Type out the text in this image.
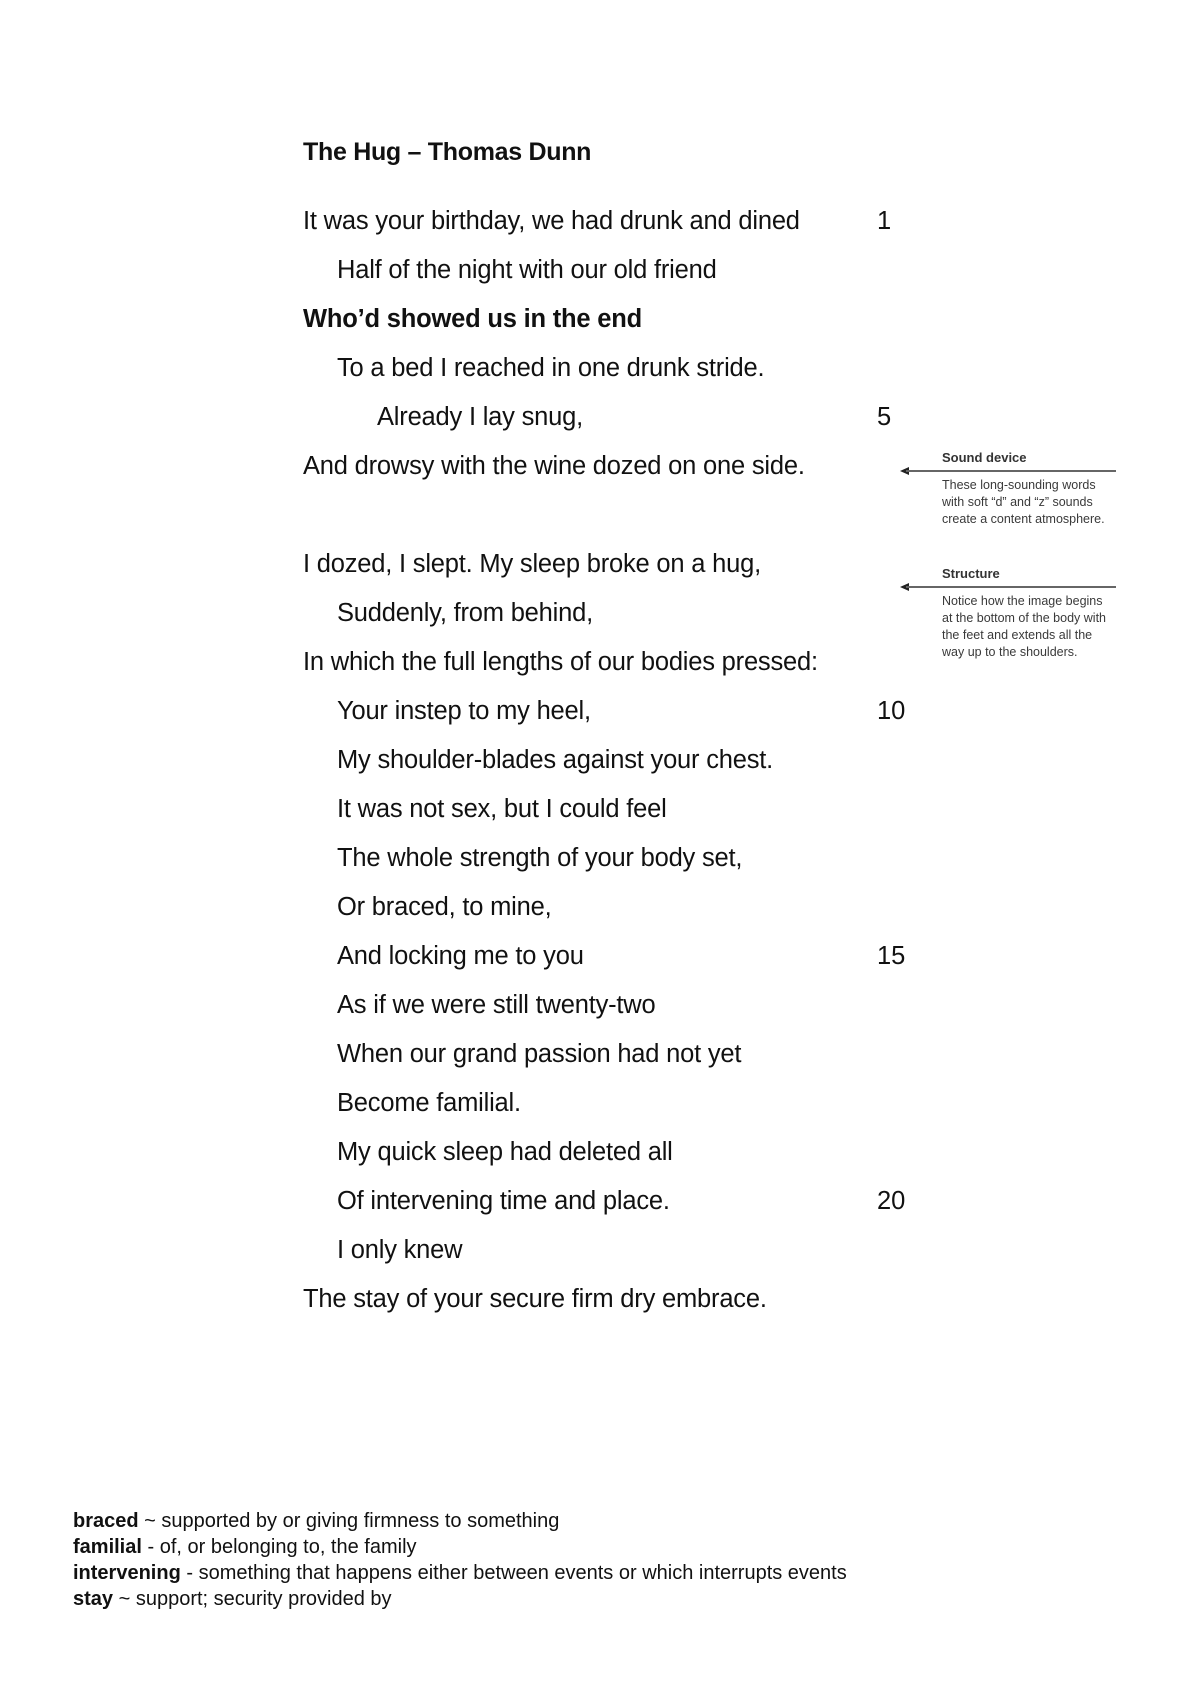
The Hug – Thomas Dunn
It was your birthday, we had drunk and dined	1
Half of the night with our old friend
Who’d showed us in the end
To a bed I reached in one drunk stride.
Already I lay snug,	5
And drowsy with the wine dozed on one side.
I dozed, I slept. My sleep broke on a hug,
Suddenly, from behind,
In which the full lengths of our bodies pressed:
Your instep to my heel,	10
My shoulder-blades against your chest.
It was not sex, but I could feel
The whole strength of your body set,
Or braced, to mine,
And locking me to you	15
As if we were still twenty-two
When our grand passion had not yet
Become familial.
My quick sleep had deleted all
Of intervening time and place.	20
I only knew
The stay of your secure firm dry embrace.
Sound device
These long-sounding words with soft “d” and “z” sounds create a content atmosphere.
Structure
Notice how the image begins at the bottom of the body with the feet and extends all the way up to the shoulders.
braced ~ supported by or giving firmness to something
familial - of, or belonging to, the family
intervening - something that happens either between events or which interrupts events
stay ~ support; security provided by
